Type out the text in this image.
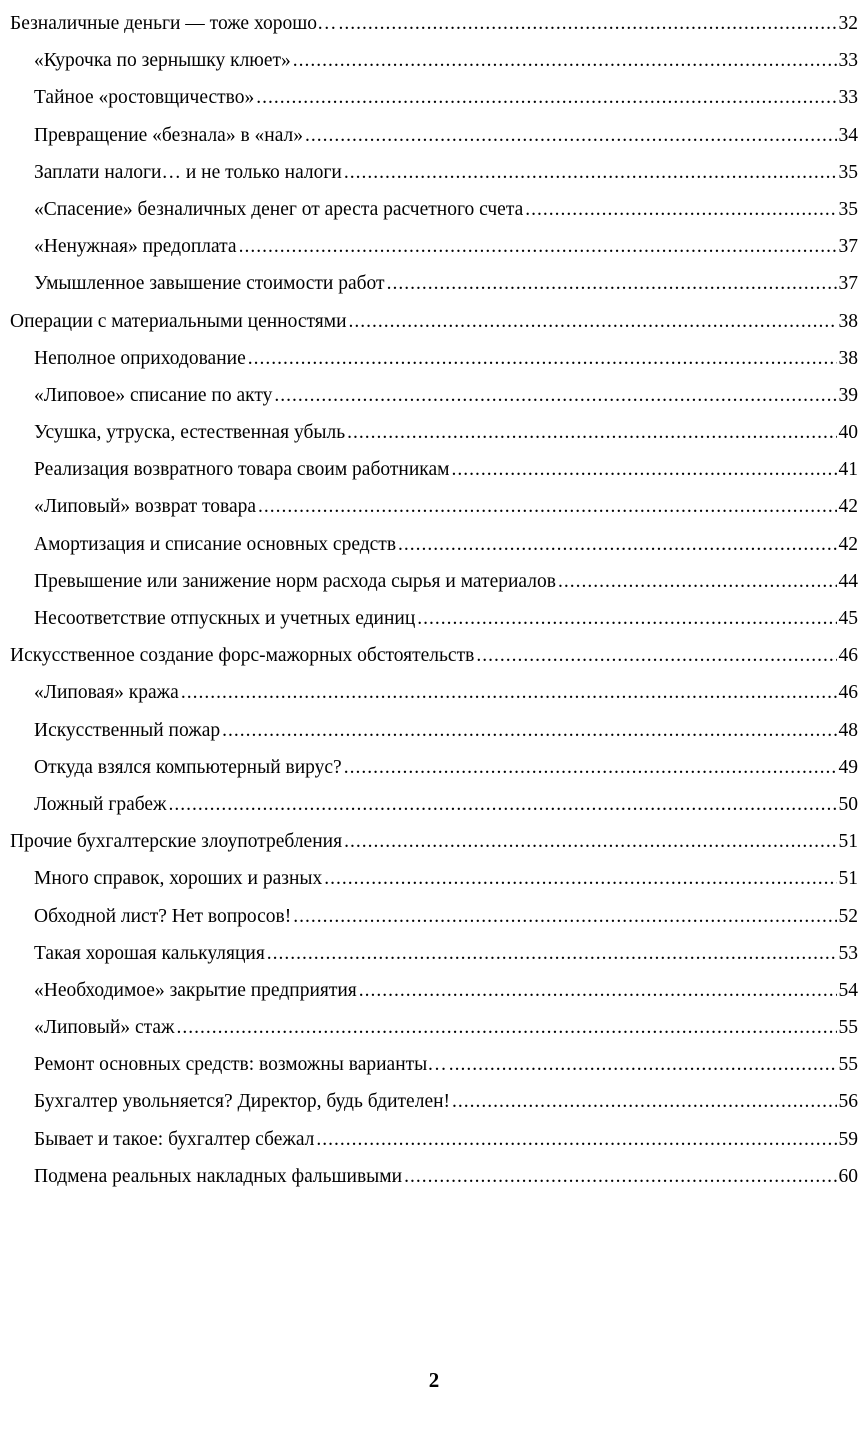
Безналичные деньги — тоже хорошо… .....	32
«Курочка по зернышку клюет» .....	33
Тайное «ростовщичество» .....	33
Превращение «безнала» в «нал» .....	34
Заплати налоги… и не только налоги .....	35
«Спасение» безналичных денег от ареста расчетного счета .....	35
«Ненужная» предоплата .....	37
Умышленное завышение стоимости работ .....	37
Операции с материальными ценностями .....	38
Неполное оприходование .....	38
«Липовое» списание по акту .....	39
Усушка, утруска, естественная убыль .....	40
Реализация возвратного товара своим работникам .....	41
«Липовый» возврат товара .....	42
Амортизация и списание основных средств .....	42
Превышение или занижение норм расхода сырья и материалов .....	44
Несоответствие отпускных и учетных единиц .....	45
Искусственное создание форс-мажорных обстоятельств .....	46
«Липовая» кража .....	46
Искусственный пожар .....	48
Откуда взялся компьютерный вирус? .....	49
Ложный грабеж .....	50
Прочие бухгалтерские злоупотребления .....	51
Много справок, хороших и разных .....	51
Обходной лист? Нет вопросов! .....	52
Такая хорошая калькуляция .....	53
«Необходимое» закрытие предприятия .....	54
«Липовый» стаж .....	55
Ремонт основных средств: возможны варианты… .....	55
Бухгалтер увольняется? Директор, будь бдителен! .....	56
Бывает и такое: бухгалтер сбежал .....	59
Подмена реальных накладных фальшивыми .....	60
2
